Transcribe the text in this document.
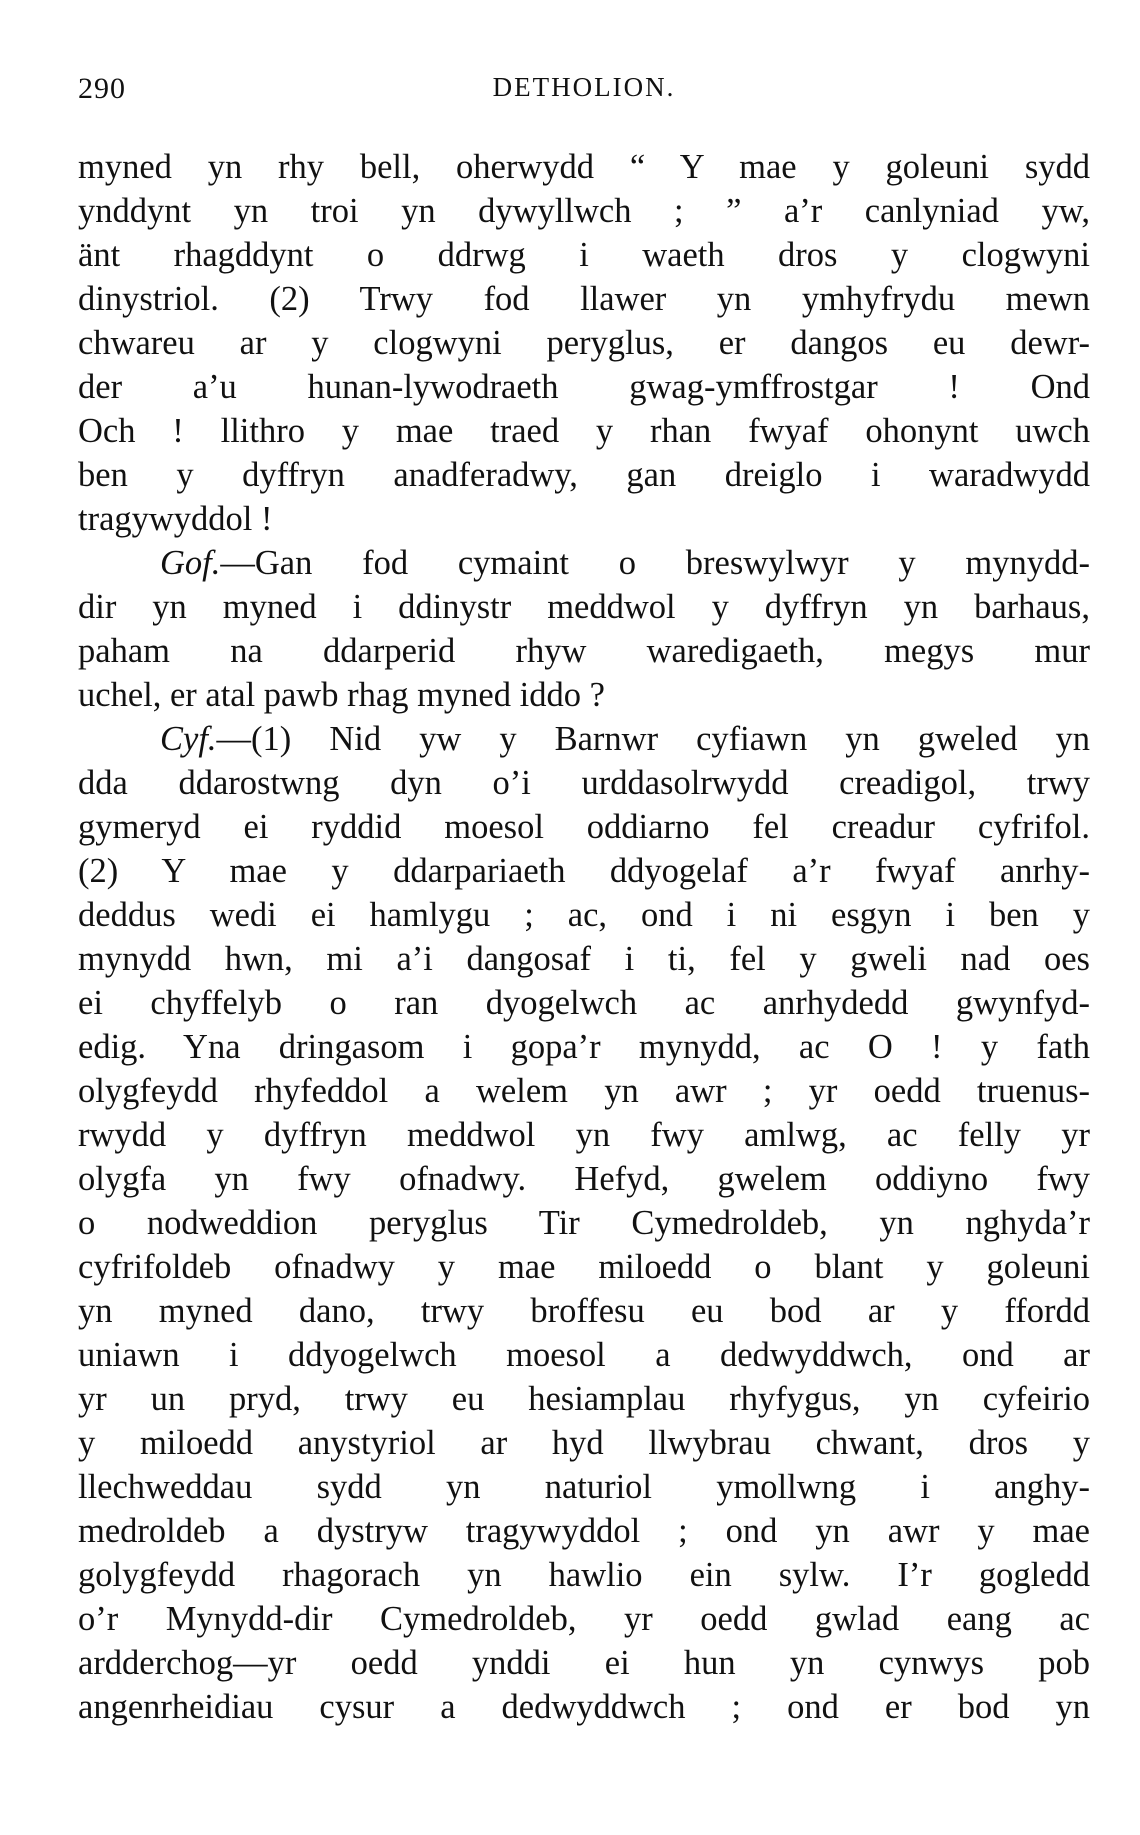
290	DETHOLION.
myned yn rhy bell, oherwydd “ Y mae y goleuni sydd
ynddynt yn troi yn dywyllwch ; ” a’r canlyniad yw,
änt rhagddynt o ddrwg i waeth dros y clogwyni
dinystriol. (2) Trwy fod llawer yn ymhyfrydu mewn
chwareu ar y clogwyni peryglus, er dangos eu dewr-
der a’u hunan-lywodraeth gwag-ymffrostgar ! Ond
Och ! llithro y mae traed y rhan fwyaf ohonynt uwch
ben y dyffryn anadferadwy, gan dreiglo i waradwydd
tragywyddol !
Gof.—Gan fod cymaint o breswylwyr y mynydd-
dir yn myned i ddinystr meddwol y dyffryn yn barhaus,
paham na ddarperid rhyw waredigaeth, megys mur
uchel, er atal pawb rhag myned iddo ?
Cyf.—(1) Nid yw y Barnwr cyfiawn yn gweled yn
dda ddarostwng dyn o’i urddasolrwydd creadigol, trwy
gymeryd ei ryddid moesol oddiarno fel creadur cyfrifol.
(2) Y mae y ddarpariaeth ddyogelaf a’r fwyaf anrhy-
deddus wedi ei hamlygu ; ac, ond i ni esgyn i ben y
mynydd hwn, mi a’i dangosaf i ti, fel y gweli nad oes
ei chyffelyb o ran dyogelwch ac anrhydedd gwynfyd-
edig. Yna dringasom i gopa’r mynydd, ac O ! y fath
olygfeydd rhyfeddol a welem yn awr ; yr oedd truenus-
rwydd y dyffryn meddwol yn fwy amlwg, ac felly yr
olygfa yn fwy ofnadwy. Hefyd, gwelem oddiyno fwy
o nodweddion peryglus Tir Cymedroldeb, yn nghyda’r
cyfrifoldeb ofnadwy y mae miloedd o blant y goleuni
yn myned dano, trwy broffesu eu bod ar y ffordd
uniawn i ddyogelwch moesol a dedwyddwch, ond ar
yr un pryd, trwy eu hesiamplau rhyfygus, yn cyfeirio
y miloedd anystyriol ar hyd llwybrau chwant, dros y
llechweddau sydd yn naturiol ymollwng i anghy-
medroldeb a dystryw tragywyddol ; ond yn awr y mae
golygfeydd rhagorach yn hawlio ein sylw. I’r gogledd
o’r Mynydd-dir Cymedroldeb, yr oedd gwlad eang ac
ardderchog—yr oedd ynddi ei hun yn cynwys pob
angenrheidiau cysur a dedwyddwch ; ond er bod yn
